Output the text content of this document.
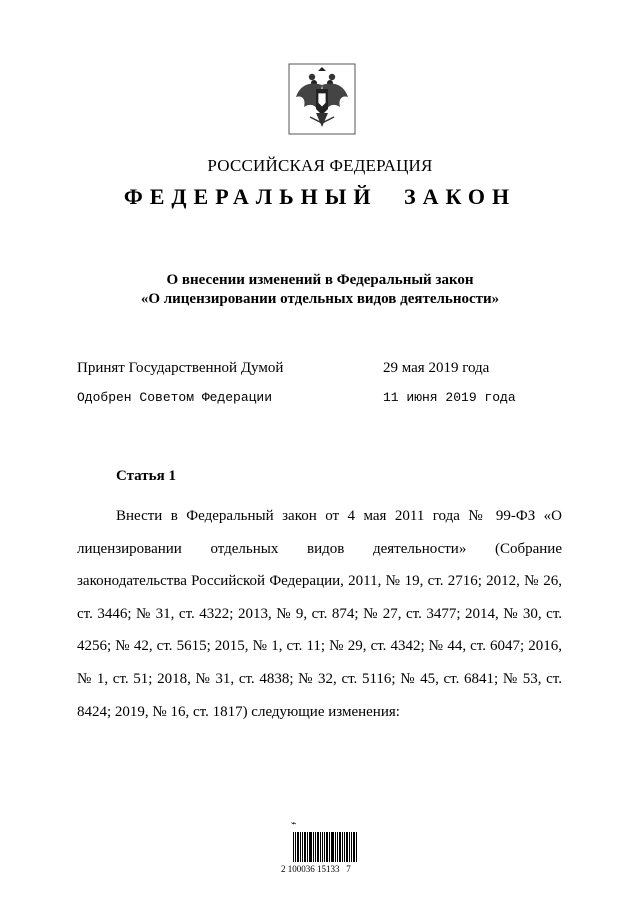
РОССИЙСКАЯ ФЕДЕРАЦИЯ
ФЕДЕРАЛЬНЫЙ ЗАКОН
О внесении изменений в Федеральный закон
«О лицензировании отдельных видов деятельности»
Принят Государственной Думой	29 мая 2019 года
Одобрен Советом Федерации	11 июня 2019 года
Статья 1

Внести в Федеральный закон от 4 мая 2011 года № 99-ФЗ «О лицензировании отдельных видов деятельности» (Собрание законодательства Российской Федерации, 2011, № 19, ст. 2716; 2012, № 26, ст. 3446; № 31, ст. 4322; 2013, № 9, ст. 874; № 27, ст. 3477; 2014, № 30, ст. 4256; № 42, ст. 5615; 2015, № 1, ст. 11; № 29, ст. 4342; № 44, ст. 6047; 2016, № 1, ст. 51; 2018, № 31, ст. 4838; № 32, ст. 5116; № 45, ст. 6841; № 53, ст. 8424; 2019, № 16, ст. 1817) следующие изменения:

⌁
2 100036 15133   7
